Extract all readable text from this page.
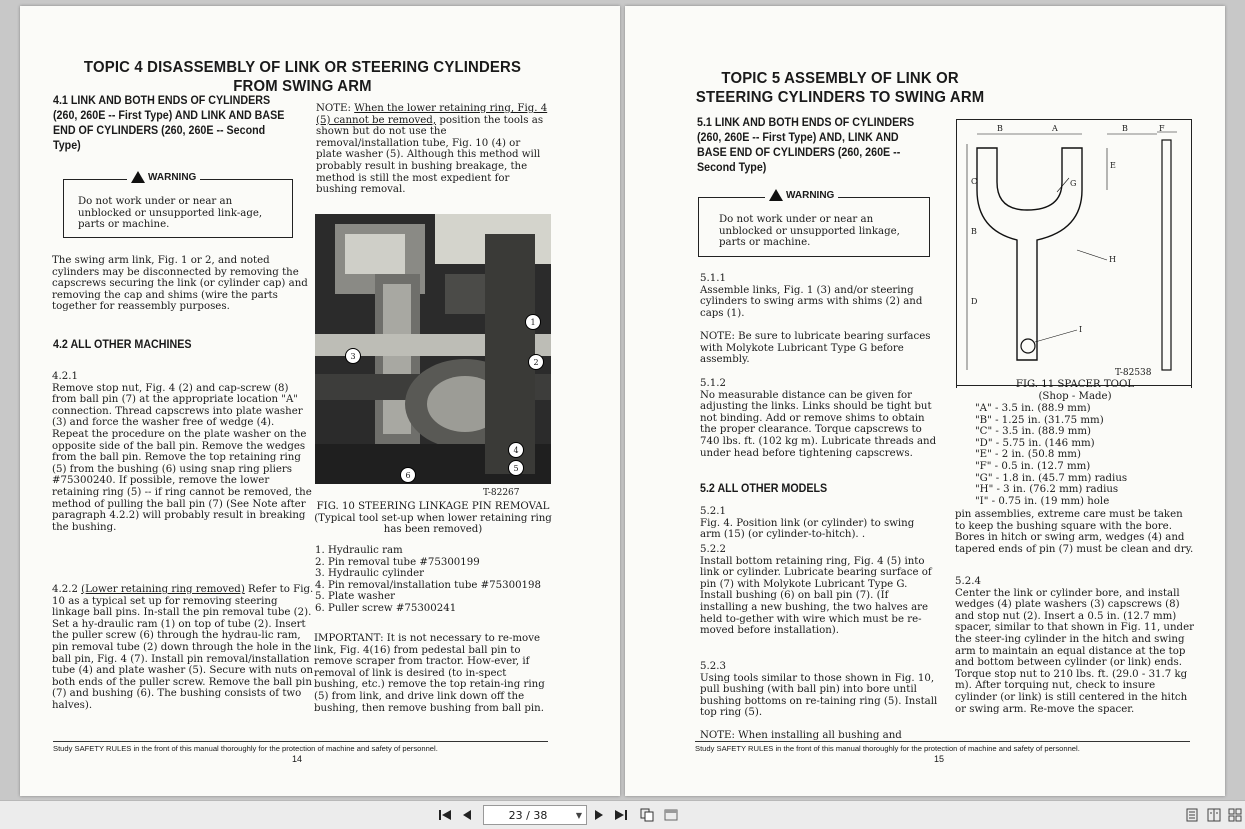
TOPIC 4 DISASSEMBLY OF LINK OR STEERING CYLINDERS FROM SWING ARM
4.1 LINK AND BOTH ENDS OF CYLINDERS (260, 260E -- First Type) AND LINK AND BASE END OF CYLINDERS (260, 260E -- Second Type)
WARNING
Do not work under or near an unblocked or unsupported link-age, parts or machine.
The swing arm link, Fig. 1 or 2, and noted cylinders may be disconnected by removing the capscrews securing the link (or cylinder cap) and removing the cap and shims (wire the parts together for reassembly purposes.
4.2 ALL OTHER MACHINES
4.2.1
Remove stop nut, Fig. 4 (2) and cap-screw (8) from ball pin (7) at the appropriate location "A" connection. Thread capscrews into plate washer (3) and force the washer free of wedge (4). Repeat the procedure on the plate washer on the opposite side of the ball pin. Remove the wedges from the ball pin. Remove the top retaining ring (5) from the bushing (6) using snap ring pliers #75300240. If possible, remove the lower retaining ring (5) -- if ring cannot be removed, the method of pulling the ball pin (7) (See Note after paragraph 4.2.2) will probably result in breaking the bushing.
4.2.2 (Lower retaining ring removed) Refer to Fig. 10 as a typical set up for removing steering linkage ball pins. In-stall the pin removal tube (2). Set a hy-draulic ram (1) on top of tube (2). Insert the puller screw (6) through the hydrau-lic ram, pin removal tube (2) down through the hole in the ball pin, Fig. 4 (7). Install pin removal/installation tube (4) and plate washer (5). Secure with nuts on both ends of the puller screw. Remove the ball pin (7) and bushing (6). The bushing consists of two halves).
NOTE: When the lower retaining ring, Fig. 4 (5) cannot be removed, position the tools as shown but do not use the removal/installation tube, Fig. 10 (4) or plate washer (5). Although this method will probably result in bushing breakage, the method is still the most expedient for bushing removal.
1
2
3
4
5
6
T-82267
FIG. 10 STEERING LINKAGE PIN REMOVAL (Typical tool set-up when lower retaining ring has been removed)
1. Hydraulic ram
2. Pin removal tube #75300199
3. Hydraulic cylinder
4. Pin removal/installation tube #75300198
5. Plate washer
6. Puller screw #75300241
IMPORTANT: It is not necessary to re-move link, Fig. 4(16) from pedestal ball pin to remove scraper from tractor. How-ever, if removal of link is desired (to in-spect bushing, etc.) remove the top retain-ing ring (5) from link, and drive link down off the bushing, then remove bushing from ball pin.
Study SAFETY RULES in the front of this manual thoroughly for the protection of machine and safety of personnel.
14
TOPIC 5 ASSEMBLY OF LINK OR STEERING CYLINDERS TO SWING ARM
5.1 LINK AND BOTH ENDS OF CYLINDERS (260, 260E -- First Type) AND, LINK AND BASE END OF CYLINDERS (260, 260E -- Second Type)
WARNING
Do not work under or near an unblocked or unsupported linkage, parts or machine.
5.1.1
Assemble links, Fig. 1 (3) and/or steering cylinders to swing arms with shims (2) and caps (1).
NOTE: Be sure to lubricate bearing surfaces with Molykote Lubricant Type G before assembly.
5.1.2
No measurable distance can be given for adjusting the links. Links should be tight but not binding. Add or remove shims to obtain the proper clearance. Torque capscrews to 740 lbs. ft. (102 kg m). Lubricate threads and under head before tightening capscrews.
5.2 ALL OTHER MODELS
5.2.1
Fig. 4. Position link (or cylinder) to swing arm (15) (or cylinder-to-hitch). .
5.2.2
Install bottom retaining ring, Fig. 4 (5) into link or cylinder. Lubricate bearing surface of pin (7) with Molykote Lubricant Type G. Install bushing (6) on ball pin (7). (If installing a new bushing, the two halves are held to-gether with wire which must be re-moved before installation).
5.2.3
Using tools similar to those shown in Fig. 10, pull bushing (with ball pin) into bore until bushing bottoms on re-taining ring (5). Install top ring (5).
NOTE: When installing all bushing and
B	A	B	F
C
E
G
B
H
D
I
T-82538
FIG. 11 SPACER TOOL
(Shop - Made)
"A" - 3.5 in. (88.9 mm)
"B" - 1.25 in. (31.75 mm)
"C" - 3.5 in. (88.9 mm)
"D" - 5.75 in. (146 mm)
"E" - 2 in. (50.8 mm)
"F" - 0.5 in. (12.7 mm)
"G" - 1.8 in. (45.7 mm) radius
"H" - 3 in. (76.2 mm) radius
"I" - 0.75 in. (19 mm) hole
pin assemblies, extreme care must be taken to keep the bushing square with the bore. Bores in hitch or swing arm, wedges (4) and tapered ends of pin (7) must be clean and dry.
5.2.4
Center the link or cylinder bore, and install wedges (4) plate washers (3) capscrews (8) and stop nut (2). Insert a 0.5 in. (12.7 mm) spacer, similar to that shown in Fig. 11, under the steer-ing cylinder in the hitch and swing arm to maintain an equal distance at the top and bottom between cylinder (or link) ends. Torque stop nut to 210 lbs. ft. (29.0 - 31.7 kg m). After torquing nut, check to insure cylinder (or link) is still centered in the hitch or swing arm. Re-move the spacer.
Study SAFETY RULES in the front of this manual thoroughly for the protection of machine and safety of personnel.
15
23 / 38	▼
